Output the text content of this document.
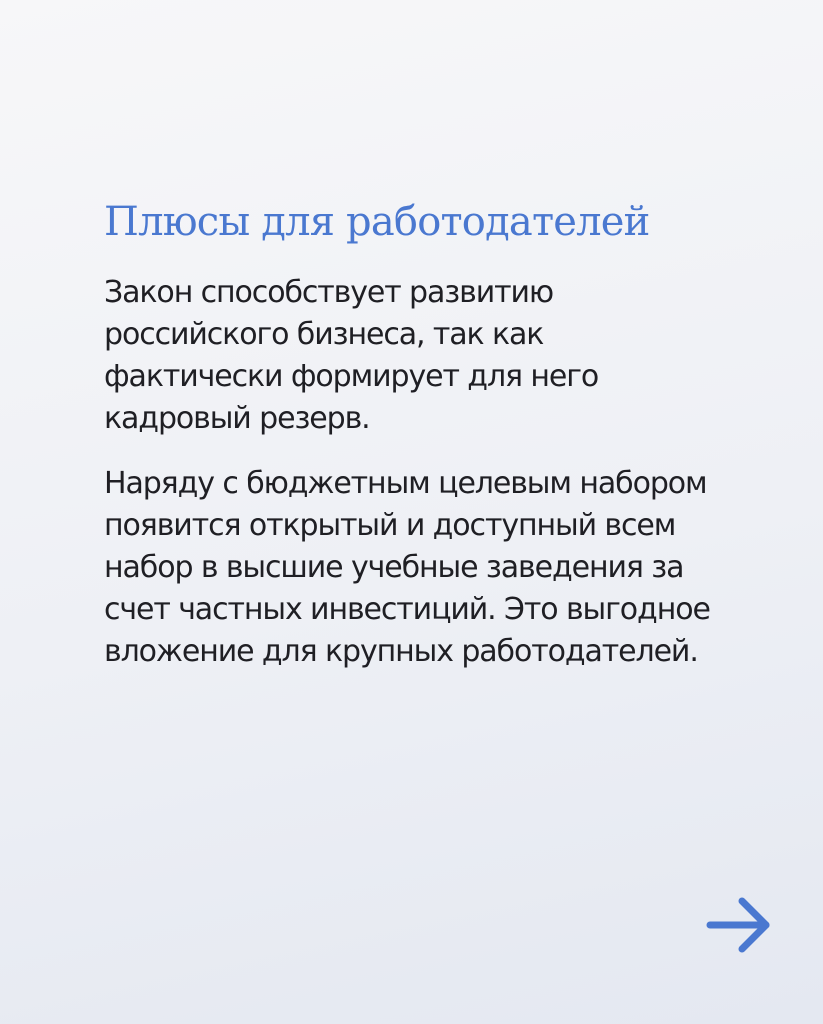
Плюсы для работодателей

Закон способствует развитию
российского бизнеса, так как
фактически формирует для него
кадровый резерв.

Наряду с бюджетным целевым набором
появится открытый и доступный всем
набор в высшие учебные заведения за
счет частных инвестиций. Это выгодное
вложение для крупных работодателей.
